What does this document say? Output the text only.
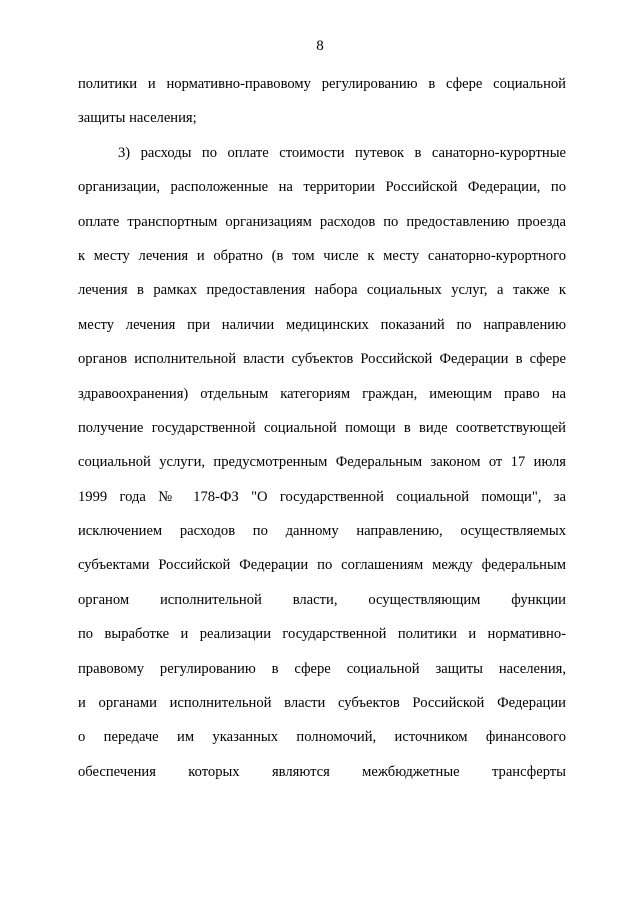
8
политики и нормативно-правовому регулированию в сфере социальной
защиты населения;
3) расходы по оплате стоимости путевок в санаторно-курортные
организации, расположенные на территории Российской Федерации, по
оплате транспортным организациям расходов по предоставлению проезда
к месту лечения и обратно (в том числе к месту санаторно-курортного
лечения в рамках предоставления набора социальных услуг, а также к
месту лечения при наличии медицинских показаний по направлению
органов исполнительной власти субъектов Российской Федерации в сфере
здравоохранения) отдельным категориям граждан, имеющим право на
получение государственной социальной помощи в виде соответствующей
социальной услуги, предусмотренным Федеральным законом от 17 июля
1999 года № 178-ФЗ "О государственной социальной помощи", за
исключением расходов по данному направлению, осуществляемых
субъектами Российской Федерации по соглашениям между федеральным
органом исполнительной власти, осуществляющим функции
по выработке и реализации государственной политики и нормативно-
правовому регулированию в сфере социальной защиты населения,
и органами исполнительной власти субъектов Российской Федерации
о передаче им указанных полномочий, источником финансового
обеспечения которых являются межбюджетные трансферты
